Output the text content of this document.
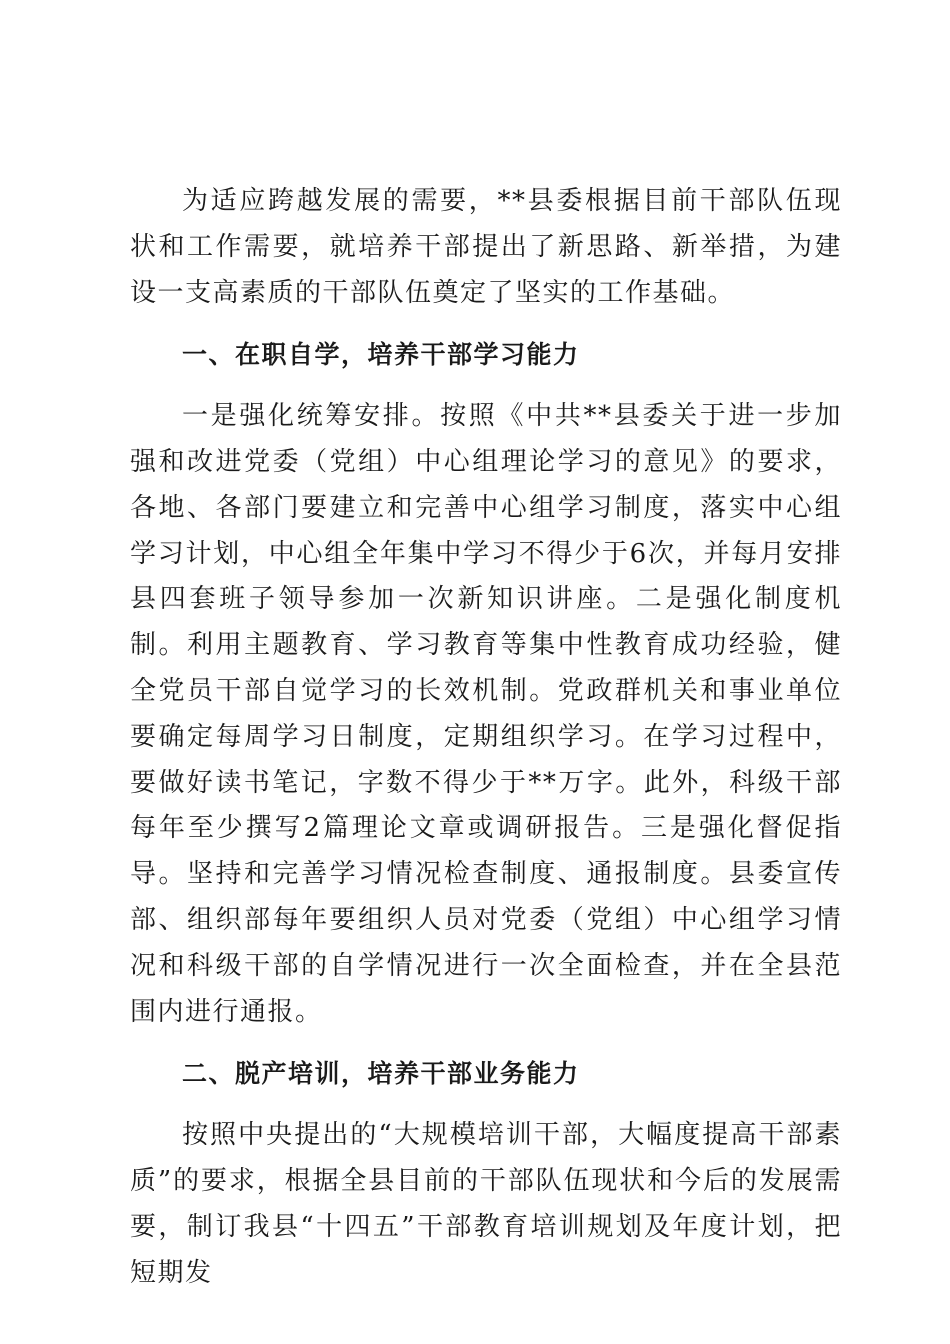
为适应跨越发展的需要，**县委根据目前干部队伍现状和工作需要，就培养干部提出了新思路、新举措，为建设一支高素质的干部队伍奠定了坚实的工作基础。

一、在职自学，培养干部学习能力

一是强化统筹安排。按照《中共**县委关于进一步加强和改进党委（党组）中心组理论学习的意见》的要求，各地、各部门要建立和完善中心组学习制度，落实中心组学习计划，中心组全年集中学习不得少于6次，并每月安排县四套班子领导参加一次新知识讲座。二是强化制度机制。利用主题教育、学习教育等集中性教育成功经验，健全党员干部自觉学习的长效机制。党政群机关和事业单位要确定每周学习日制度，定期组织学习。在学习过程中，要做好读书笔记，字数不得少于**万字。此外，科级干部每年至少撰写2篇理论文章或调研报告。三是强化督促指导。坚持和完善学习情况检查制度、通报制度。县委宣传部、组织部每年要组织人员对党委（党组）中心组学习情况和科级干部的自学情况进行一次全面检查，并在全县范围内进行通报。

二、脱产培训，培养干部业务能力

按照中央提出的“大规模培训干部，大幅度提高干部素质”的要求，根据全县目前的干部队伍现状和今后的发展需要，制订我县“十四五”干部教育培训规划及年度计划，把短期发
